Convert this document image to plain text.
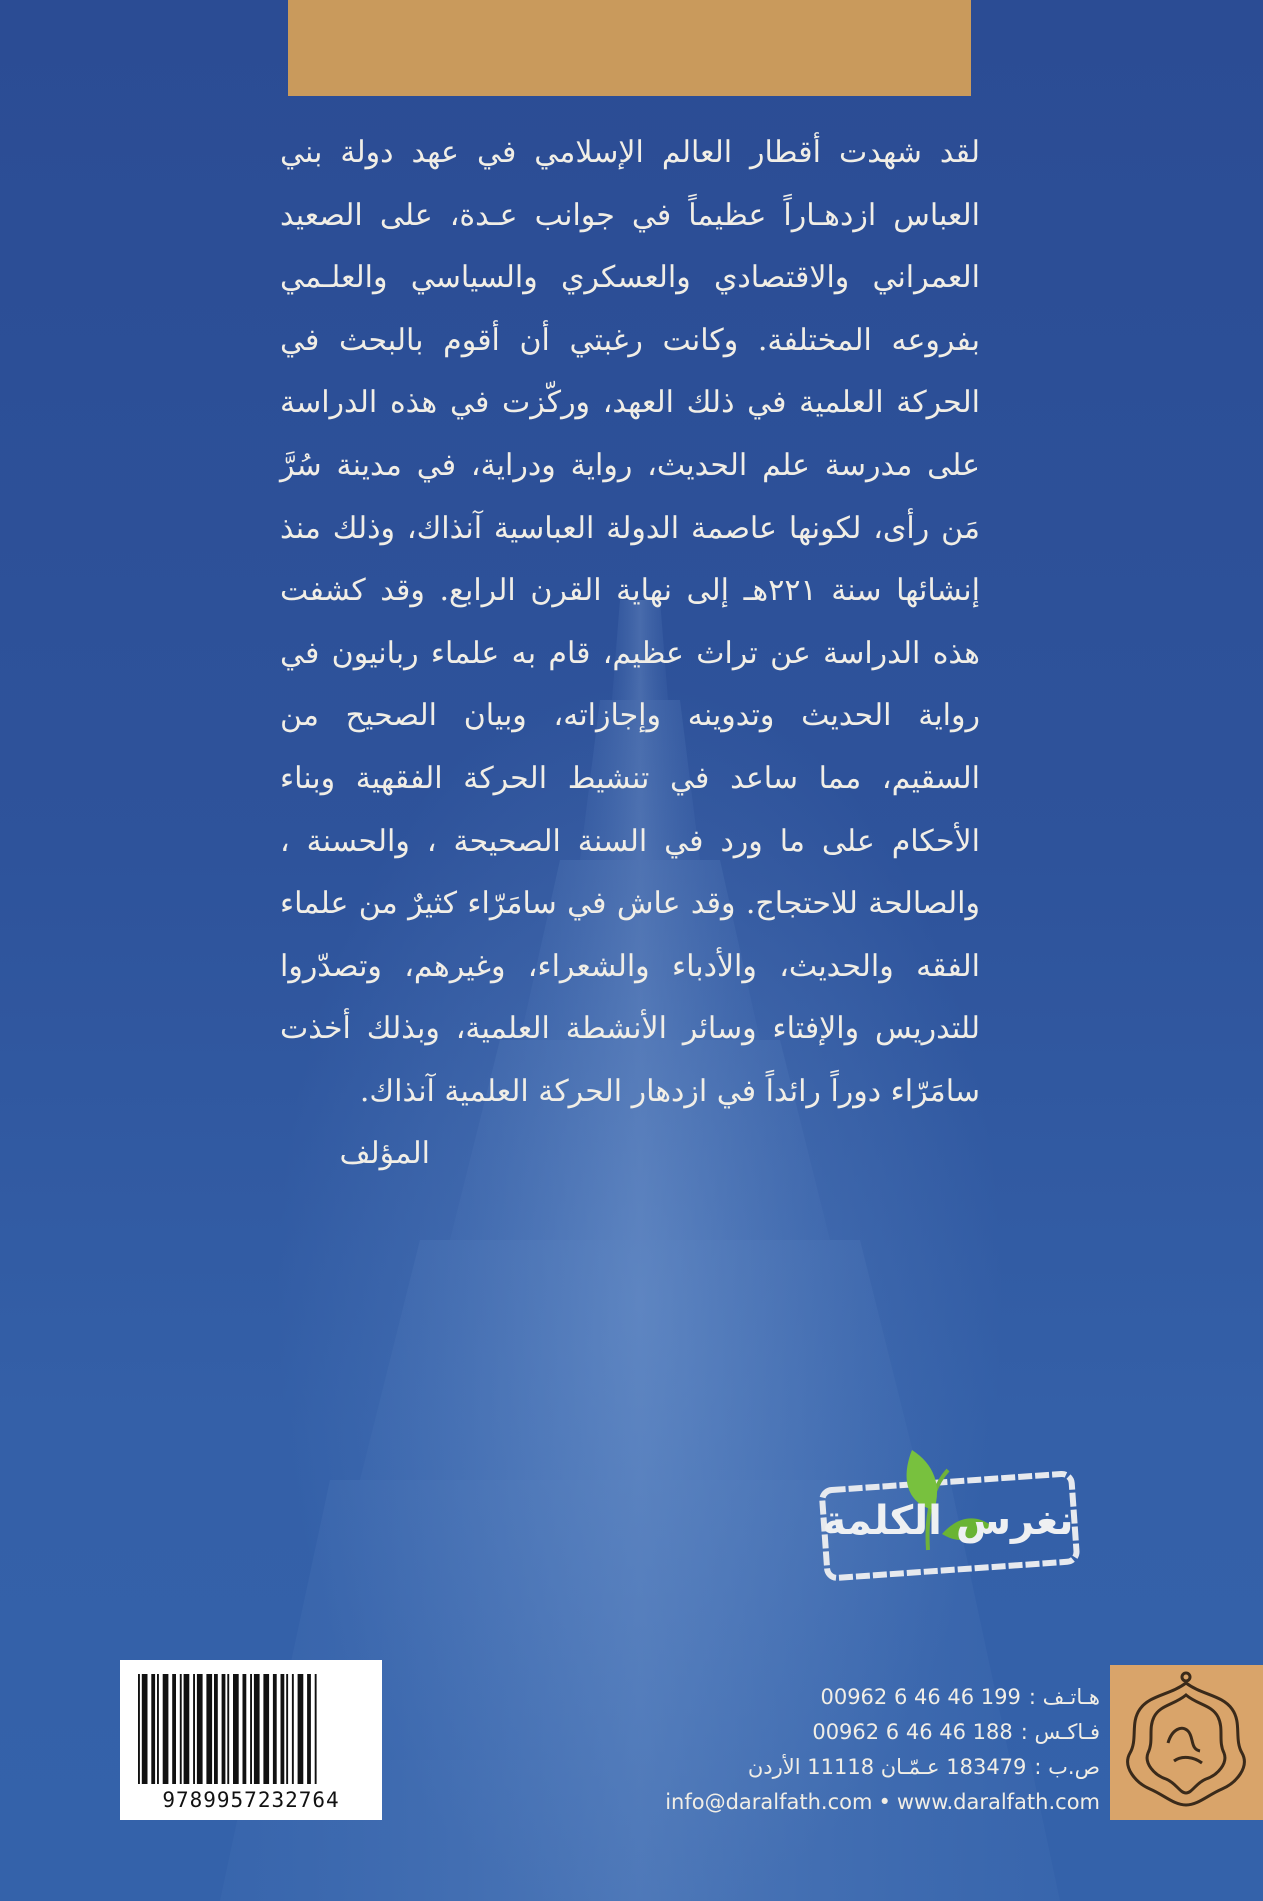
لقد شهدت أقطار العالم الإسلامي في عهد دولة بني العباس ازدهـاراً عظيماً في جوانب عـدة، على الصعيد العمراني والاقتصادي والعسكري والسياسي والعلـمي بفروعه المختلفة. وكانت رغبتي أن أقوم بالبحث في الحركة العلمية في ذلك العهد، وركّزت في هذه الدراسة على مدرسة علم الحديث، رواية ودراية، في مدينة سُرَّ مَن رأى، لكونها عاصمة الدولة العباسية آنذاك، وذلك منذ إنشائها سنة ٢٢١هـ إلى نهاية القرن الرابع. وقد كشفت هذه الدراسة عن تراث عظيم، قام به علماء ربانيون في رواية الحديث وتدوينه وإجازاته، وبيان الصحيح من السقيم، مما ساعد في تنشيط الحركة الفقهية وبناء الأحكام على ما ورد في السنة الصحيحة ، والحسنة ، والصالحة للاحتجاج. وقد عاش في سامَرّاء كثيرٌ من علماء الفقه والحديث، والأدباء والشعراء، وغيرهم، وتصدّروا للتدريس والإفتاء وسائر الأنشطة العلمية، وبذلك أخذت سامَرّاء دوراً رائداً في ازدهار الحركة العلمية آنذاك.

المؤلف
نغرس الكلمة
9789957232764
00962 6 46 46 199 هـاتـف :
00962 6 46 46 188 فـاكـس :
183479 عـمّـان 11118 الأردن ص.ب :
info@daralfath.com • www.daralfath.com
